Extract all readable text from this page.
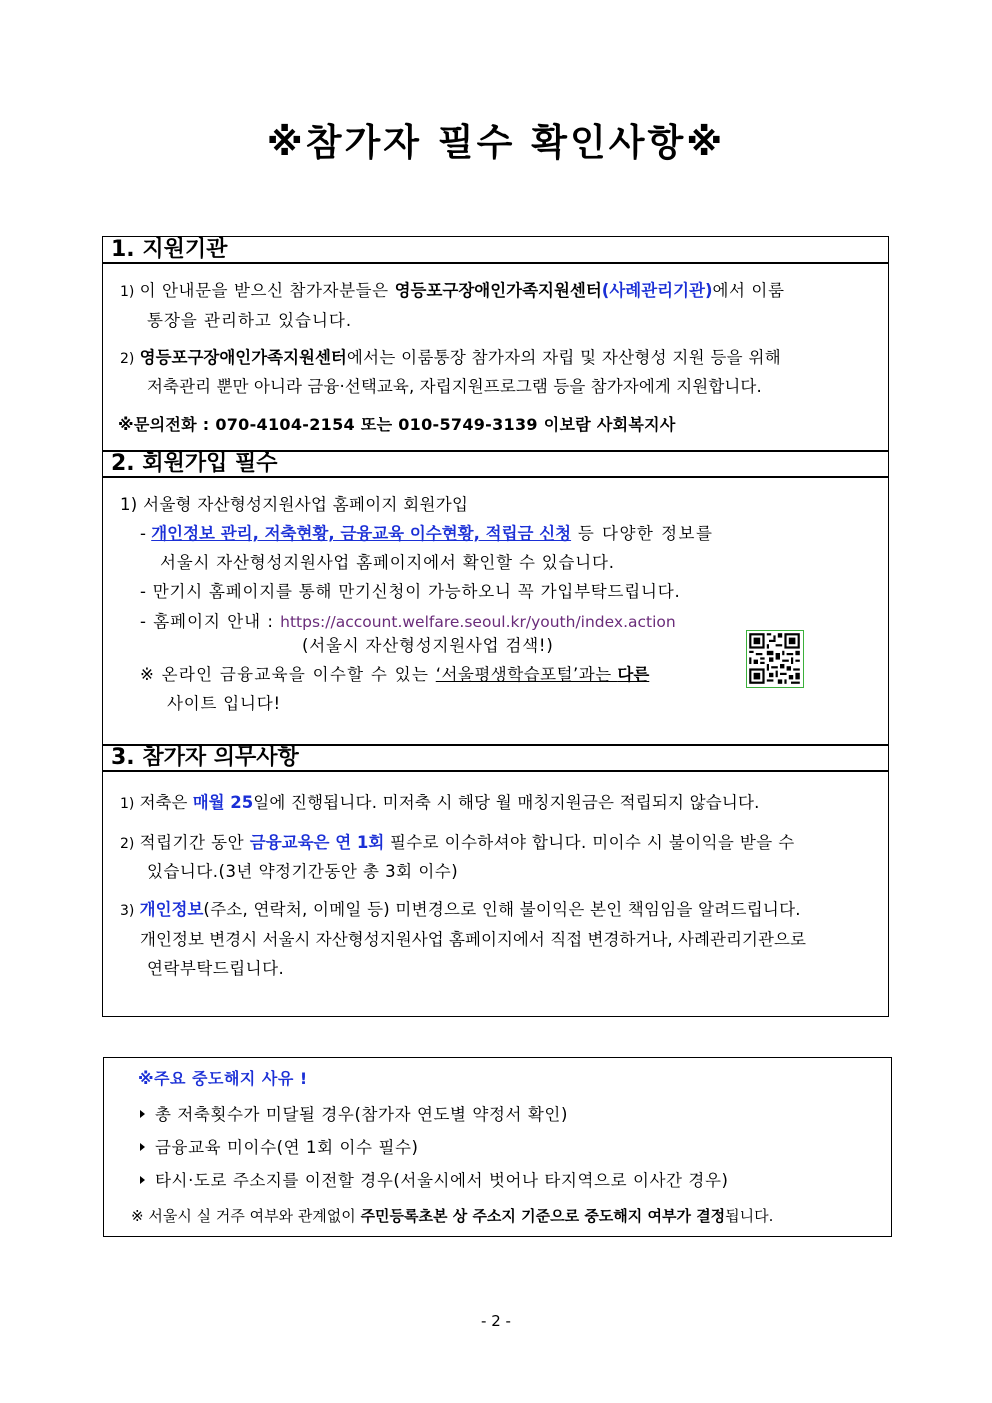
※참가자 필수 확인사항※
1. 지원기관
1) 이 안내문을 받으신 참가자분들은 영등포구장애인가족지원센터(사례관리기관)에서 이룸
통장을 관리하고 있습니다.
2) 영등포구장애인가족지원센터에서는 이룸통장 참가자의 자립 및 자산형성 지원 등을 위해
저축관리 뿐만 아니라 금융·선택교육, 자립지원프로그램 등을 참가자에게 지원합니다.
※문의전화 : 070-4104-2154 또는 010-5749-3139 이보람 사회복지사
2. 회원가입 필수
1) 서울형 자산형성지원사업 홈페이지 회원가입
- 개인정보 관리, 저축현황, 금융교육 이수현황, 적립금 신청 등 다양한 정보를
서울시 자산형성지원사업 홈페이지에서 확인할 수 있습니다.
- 만기시 홈페이지를 통해 만기신청이 가능하오니 꼭 가입부탁드립니다.
- 홈페이지 안내 : https://account.welfare.seoul.kr/youth/index.action
(서울시 자산형성지원사업 검색!)
※ 온라인 금융교육을 이수할 수 있는 ‘서울평생학습포털’과는 다른
사이트 입니다!
3. 참가자 의무사항
1) 저축은 매월 25일에 진행됩니다. 미저축 시 해당 월 매칭지원금은 적립되지 않습니다.
2) 적립기간 동안 금융교육은 연 1회 필수로 이수하셔야 합니다. 미이수 시 불이익을 받을 수
있습니다.(3년 약정기간동안 총 3회 이수)
3) 개인정보(주소, 연락처, 이메일 등) 미변경으로 인해 불이익은 본인 책임임을 알려드립니다.
개인정보 변경시 서울시 자산형성지원사업 홈페이지에서 직접 변경하거나, 사례관리기관으로
연락부탁드립니다.
※주요 중도해지 사유 !
총 저축횟수가 미달될 경우(참가자 연도별 약정서 확인)
금융교육 미이수(연 1회 이수 필수)
타시·도로 주소지를 이전할 경우(서울시에서 벗어나 타지역으로 이사간 경우)
※ 서울시 실 거주 여부와 관계없이 주민등록초본 상 주소지 기준으로 중도해지 여부가 결정됩니다.
- 2 -
